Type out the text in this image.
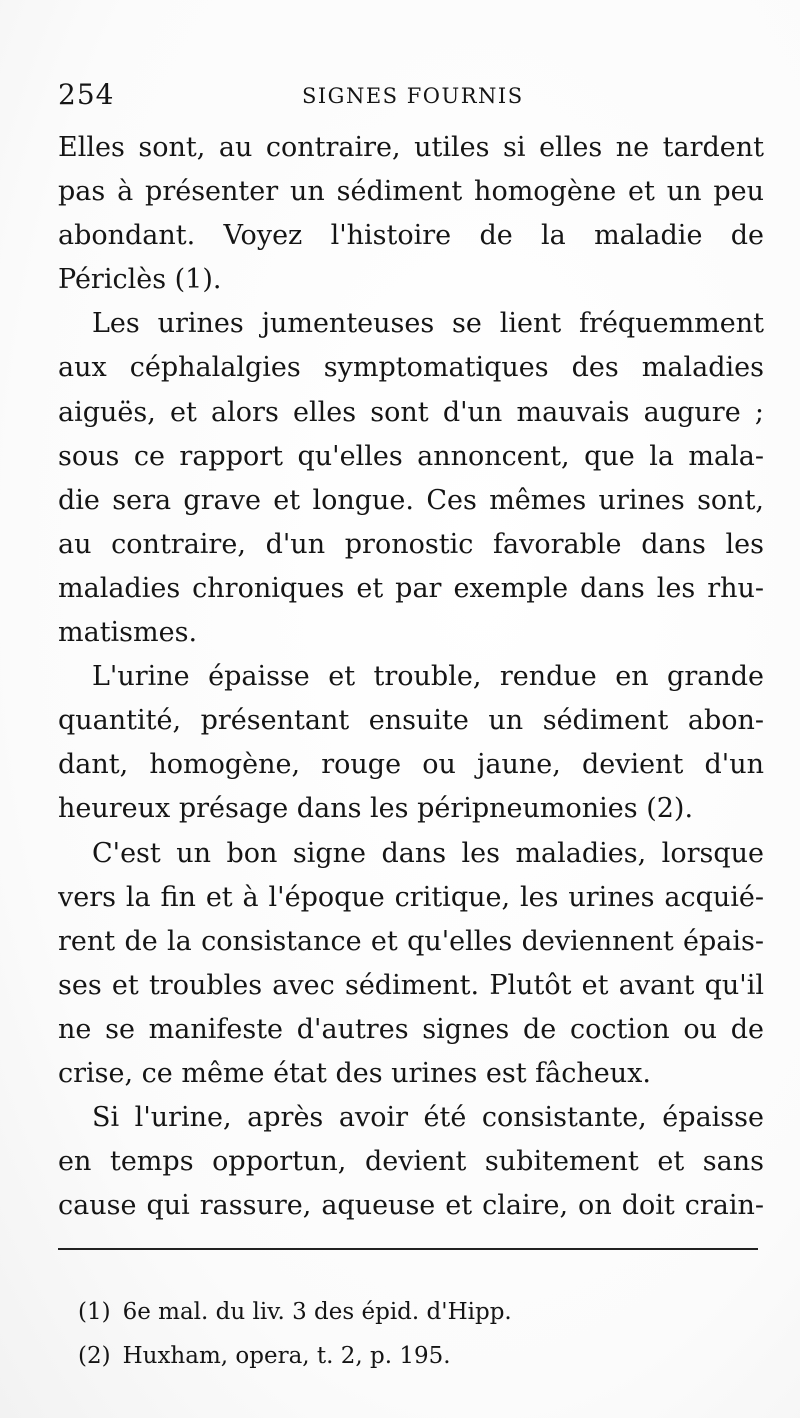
254	SIGNES FOURNIS
Elles sont, au contraire, utiles si elles ne tardent
pas à présenter un sédiment homogène et un peu
abondant. Voyez l'histoire de la maladie de
Périclès (1).
Les urines jumenteuses se lient fréquemment
aux céphalalgies symptomatiques des maladies
aiguës, et alors elles sont d'un mauvais augure ;
sous ce rapport qu'elles annoncent, que la mala-
die sera grave et longue. Ces mêmes urines sont,
au contraire, d'un pronostic favorable dans les
maladies chroniques et par exemple dans les rhu-
matismes.
L'urine épaisse et trouble, rendue en grande
quantité, présentant ensuite un sédiment abon-
dant, homogène, rouge ou jaune, devient d'un
heureux présage dans les péripneumonies (2).
C'est un bon signe dans les maladies, lorsque
vers la fin et à l'époque critique, les urines acquié-
rent de la consistance et qu'elles deviennent épais-
ses et troubles avec sédiment. Plutôt et avant qu'il
ne se manifeste d'autres signes de coction ou de
crise, ce même état des urines est fâcheux.
Si l'urine, après avoir été consistante, épaisse
en temps opportun, devient subitement et sans
cause qui rassure, aqueuse et claire, on doit crain-
(1) 6e mal. du liv. 3 des épid. d'Hipp.
(2) Huxham, opera, t. 2, p. 195.
